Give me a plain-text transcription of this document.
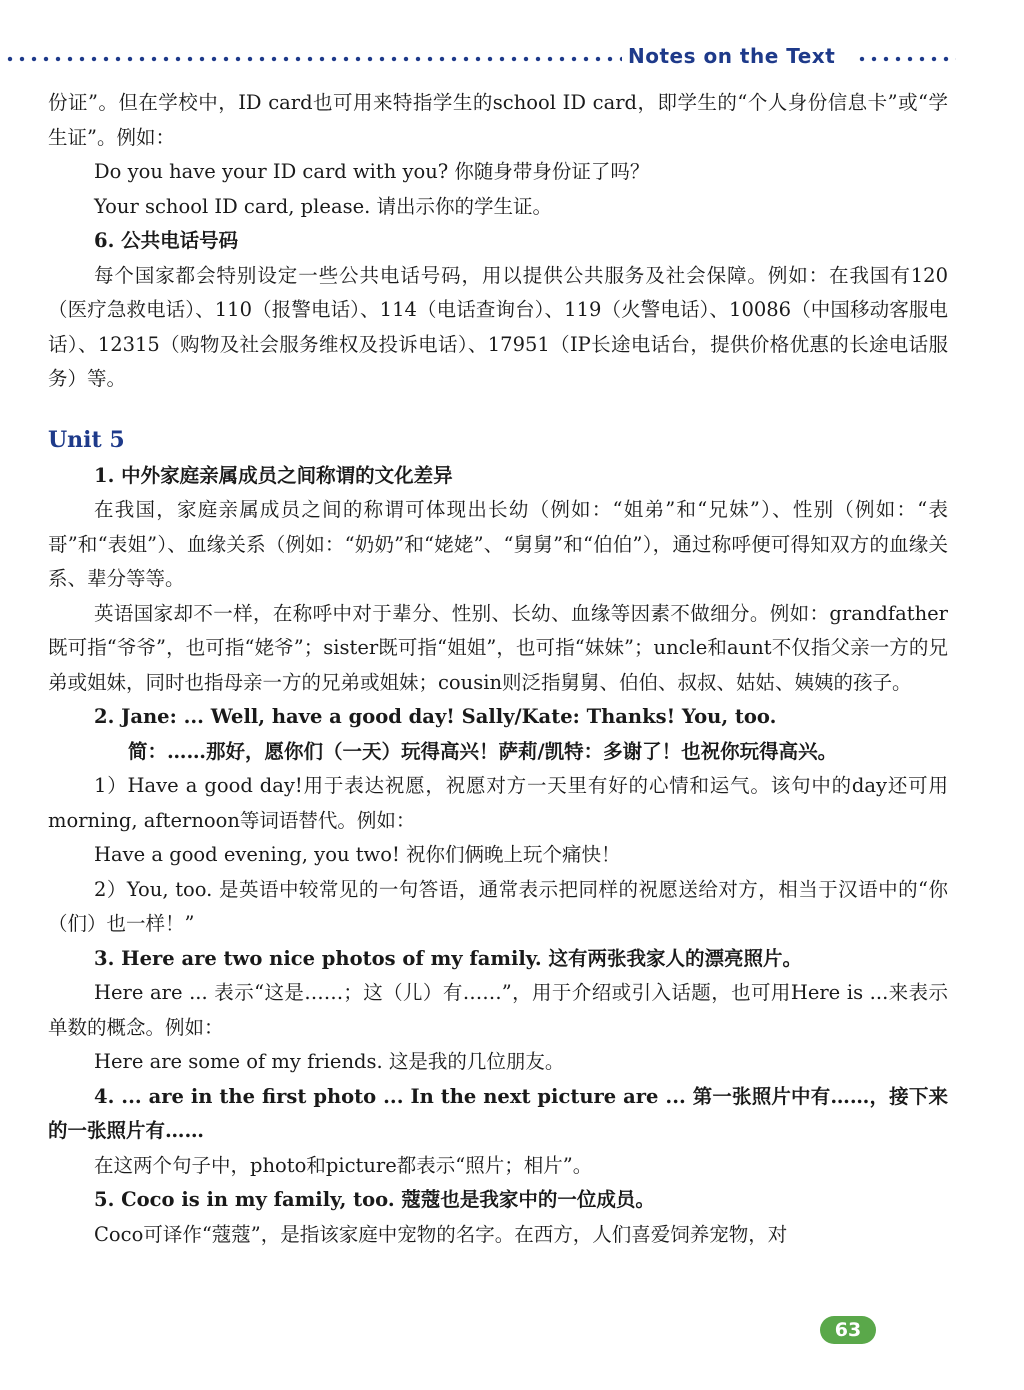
Notes on the Text

份证”。但在学校中，ID card也可用来特指学生的school ID card，即学生的“个人身份信息卡”或“学生证”。例如：

Do you have your ID card with you? 你随身带身份证了吗？

Your school ID card, please. 请出示你的学生证。

6. 公共电话号码

每个国家都会特别设定一些公共电话号码，用以提供公共服务及社会保障。例如：在我国有120（医疗急救电话）、110（报警电话）、114（电话查询台）、119（火警电话）、10086（中国移动客服电话）、12315（购物及社会服务维权及投诉电话）、17951（IP长途电话台，提供价格优惠的长途电话服务）等。

Unit 5

1. 中外家庭亲属成员之间称谓的文化差异

在我国，家庭亲属成员之间的称谓可体现出长幼（例如：“姐弟”和“兄妹”）、性别（例如：“表哥”和“表姐”）、血缘关系（例如：“奶奶”和“姥姥”、“舅舅”和“伯伯”），通过称呼便可得知双方的血缘关系、辈分等等。

英语国家却不一样，在称呼中对于辈分、性别、长幼、血缘等因素不做细分。例如：grandfather既可指“爷爷”，也可指“姥爷”；sister既可指“姐姐”，也可指“妹妹”；uncle和aunt不仅指父亲一方的兄弟或姐妹，同时也指母亲一方的兄弟或姐妹；cousin则泛指舅舅、伯伯、叔叔、姑姑、姨姨的孩子。

2. Jane: ... Well, have a good day! Sally/Kate: Thanks! You, too.

简：……那好，愿你们（一天）玩得高兴！萨莉/凯特：多谢了！也祝你玩得高兴。

1）Have a good day!用于表达祝愿，祝愿对方一天里有好的心情和运气。该句中的day还可用morning, afternoon等词语替代。例如：

Have a good evening, you two! 祝你们俩晚上玩个痛快！

2）You, too. 是英语中较常见的一句答语，通常表示把同样的祝愿送给对方，相当于汉语中的“你（们）也一样！”

3. Here are two nice photos of my family. 这有两张我家人的漂亮照片。

Here are ... 表示“这是……；这（儿）有……”，用于介绍或引入话题，也可用Here is ...来表示单数的概念。例如：

Here are some of my friends. 这是我的几位朋友。

4. ... are in the first photo ... In the next picture are ... 第一张照片中有……，接下来的一张照片有……

在这两个句子中，photo和picture都表示“照片；相片”。

5. Coco is in my family, too. 蔻蔻也是我家中的一位成员。

Coco可译作“蔻蔻”，是指该家庭中宠物的名字。在西方，人们喜爱饲养宠物，对

63
